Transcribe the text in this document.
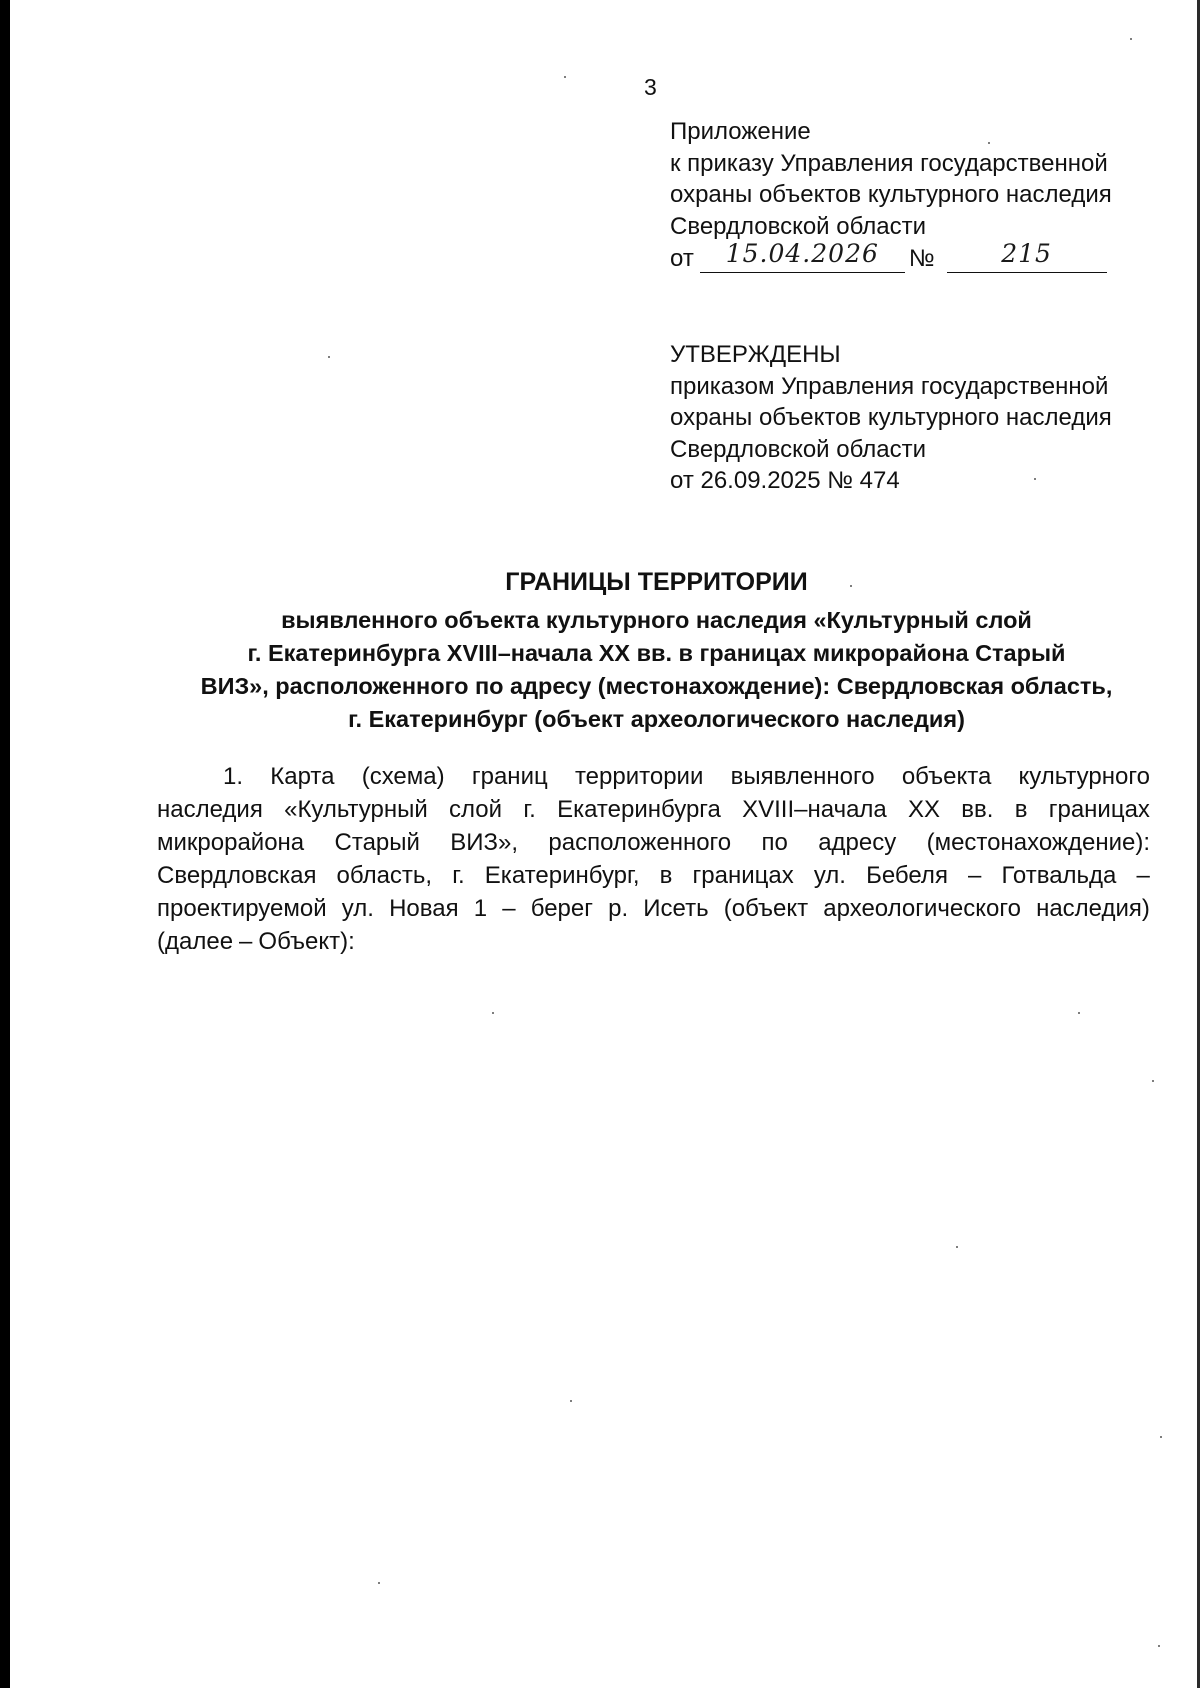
3
Приложение
к приказу Управления государственной
охраны объектов культурного наследия
Свердловской области
от	15.04.2026	№	215
УТВЕРЖДЕНЫ
приказом Управления государственной
охраны объектов культурного наследия
Свердловской области
от 26.09.2025 № 474
ГРАНИЦЫ ТЕРРИТОРИИ
выявленного объекта культурного наследия «Культурный слой
г. Екатеринбурга XVIII–начала XX вв. в границах микрорайона Старый
ВИЗ», расположенного по адресу (местонахождение): Свердловская область,
г. Екатеринбург (объект археологического наследия)
1. Карта (схема) границ территории выявленного объекта культурного
наследия «Культурный слой г. Екатеринбурга XVIII–начала XX вв. в границах
микрорайона Старый ВИЗ», расположенного по адресу (местонахождение):
Свердловская область, г. Екатеринбург, в границах ул. Бебеля – Готвальда –
проектируемой ул. Новая 1 – берег р. Исеть (объект археологического наследия)
(далее – Объект):
